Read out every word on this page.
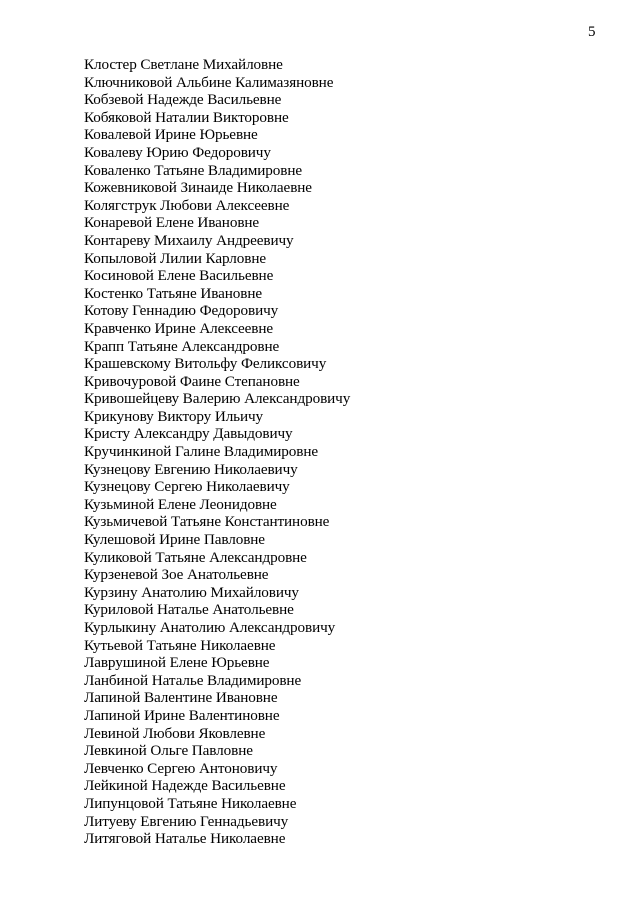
5
Клостер Светлане Михайловне
Ключниковой Альбине Калимазяновне
Кобзевой Надежде Васильевне
Кобяковой Наталии Викторовне
Ковалевой Ирине Юрьевне
Ковалеву Юрию Федоровичу
Коваленко Татьяне Владимировне
Кожевниковой Зинаиде Николаевне
Колягструк Любови Алексеевне
Конаревой Елене Ивановне
Контареву Михаилу Андреевичу
Копыловой Лилии Карловне
Косиновой Елене Васильевне
Костенко Татьяне Ивановне
Котову Геннадию Федоровичу
Кравченко Ирине Алексеевне
Крапп Татьяне Александровне
Крашевскому Витольфу Феликсовичу
Кривочуровой Фаине Степановне
Кривошейцеву Валерию Александровичу
Крикунову Виктору Ильичу
Кристу Александру Давыдовичу
Кручинкиной Галине Владимировне
Кузнецову Евгению Николаевичу
Кузнецову Сергею Николаевичу
Кузьминой Елене Леонидовне
Кузьмичевой Татьяне Константиновне
Кулешовой Ирине Павловне
Куликовой Татьяне Александровне
Курзеневой Зое Анатольевне
Курзину Анатолию Михайловичу
Куриловой Наталье Анатольевне
Курлыкину Анатолию Александровичу
Кутьевой Татьяне Николаевне
Лаврушиной Елене Юрьевне
Ланбиной Наталье Владимировне
Лапиной Валентине Ивановне
Лапиной Ирине Валентиновне
Левиной Любови Яковлевне
Левкиной Ольге Павловне
Левченко Сергею Антоновичу
Лейкиной Надежде Васильевне
Липунцовой Татьяне Николаевне
Литуеву Евгению Геннадьевичу
Литяговой Наталье Николаевне
